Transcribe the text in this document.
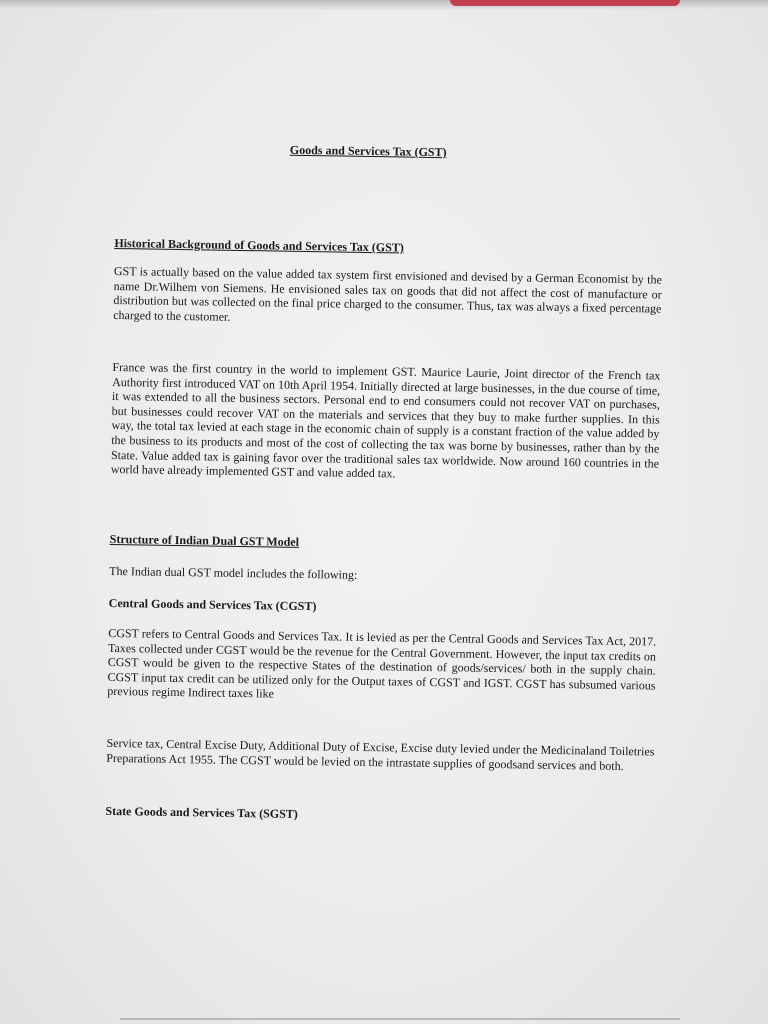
Goods and Services Tax (GST)
Historical Background of Goods and Services Tax (GST)
GST is actually based on the value added tax system first envisioned and devised by a German Economist by the name Dr.Wilhem von Siemens. He envisioned sales tax on goods that did not affect the cost of manufacture or distribution but was collected on the final price charged to the consumer. Thus, tax was always a fixed percentage charged to the customer.
France was the first country in the world to implement GST. Maurice Laurie, Joint director of the French tax Authority first introduced VAT on 10th April 1954. Initially directed at large businesses, in the due course of time, it was extended to all the business sectors. Personal end to end consumers could not recover VAT on purchases, but businesses could recover VAT on the materials and services that they buy to make further supplies. In this way, the total tax levied at each stage in the economic chain of supply is a constant fraction of the value added by the business to its products and most of the cost of collecting the tax was borne by businesses, rather than by the State. Value added tax is gaining favor over the traditional sales tax worldwide. Now around 160 countries in the world have already implemented GST and value added tax.
Structure of Indian Dual GST Model
The Indian dual GST model includes the following:
Central Goods and Services Tax (CGST)
CGST refers to Central Goods and Services Tax. It is levied as per the Central Goods and Services Tax Act, 2017. Taxes collected under CGST would be the revenue for the Central Government. However, the input tax credits on CGST would be given to the respective States of the destination of goods/services/ both in the supply chain. CGST input tax credit can be utilized only for the Output taxes of CGST and IGST. CGST has subsumed various previous regime Indirect taxes like
Service tax, Central Excise Duty, Additional Duty of Excise, Excise duty levied under the Medicinaland Toiletries Preparations Act 1955. The CGST would be levied on the intrastate supplies of goodsand services and both.
State Goods and Services Tax (SGST)
